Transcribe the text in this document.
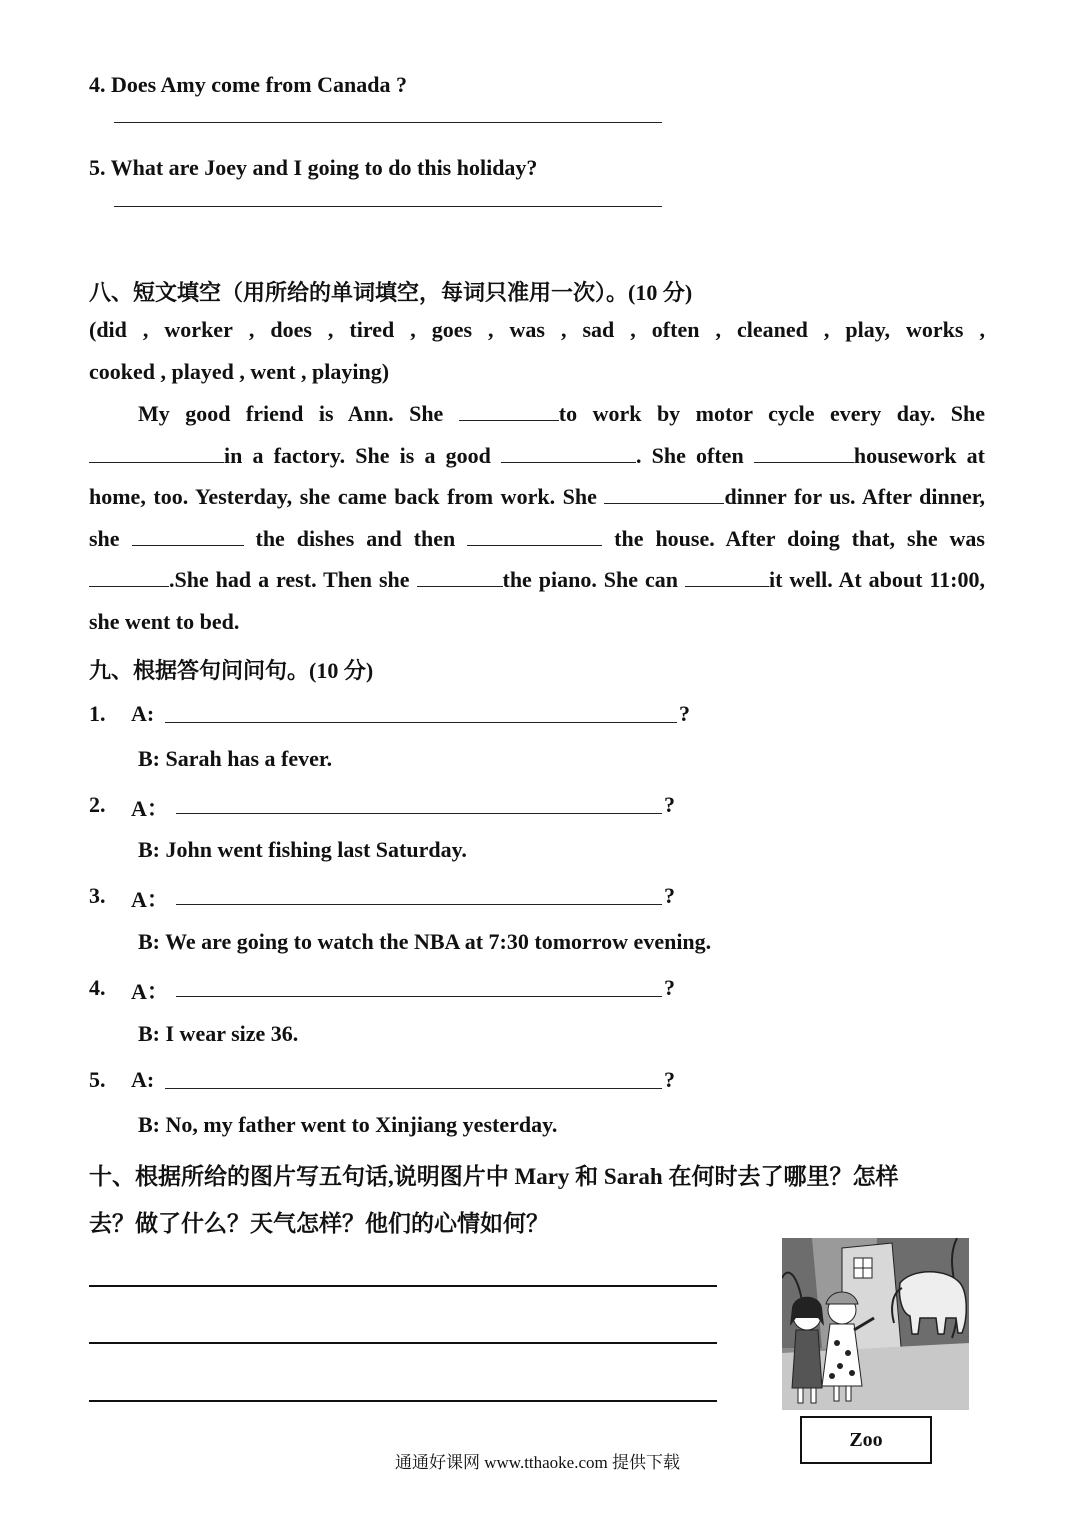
4. Does Amy come from Canada ?
5. What are Joey and I going to do this holiday?
八、短文填空（用所给的单词填空，每词只准用一次）。(10 分)
(did , worker , does , tired , goes , was , sad , often , cleaned , play, works ,
cooked , played , went , playing)
My good friend is Ann. She	to work by motor cycle every day. She in a factory. She is a good	. She often	housework at home, too. Yesterday, she came back from work. She	dinner for us. After dinner, she	the dishes and then	the house. After doing that, she was .She had a rest. Then she	the piano. She can	it well. At about 11:00, she went to bed.
九、根据答句问问句。(10 分)
1. A:	?
B: Sarah has a fever.
2. A：	?
B: John went fishing last Saturday.
3. A：	?
B: We are going to watch the NBA at 7:30 tomorrow evening.
4. A：	?
B: I wear size 36.
5. A:	?
B: No, my father went to Xinjiang yesterday.
十、根据所给的图片写五句话,说明图片中 Mary 和 Sarah 在何时去了哪里？怎样
去？做了什么？天气怎样？他们的心情如何？
Zoo
通通好课网 www.tthaoke.com 提供下载
